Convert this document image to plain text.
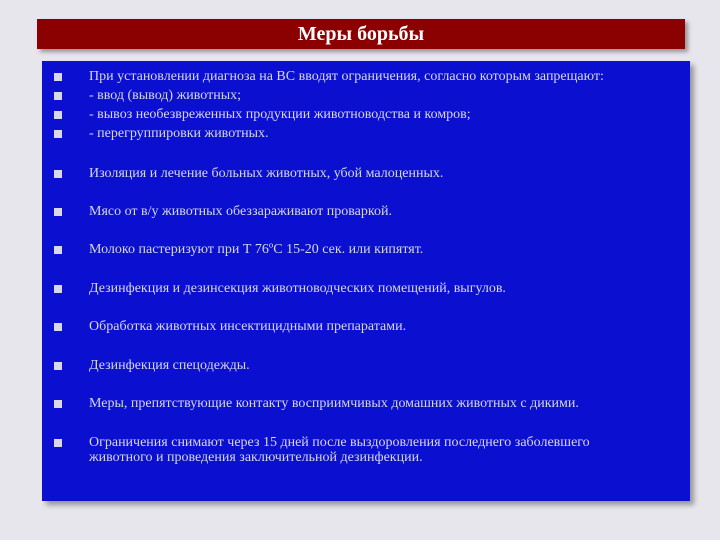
Меры борьбы
При установлении диагноза на ВС вводят ограничения, согласно которым запрещают:
- ввод (вывод) животных;
- вывоз необезвреженных продукции животноводства и комров;
- перегруппировки животных.
Изоляция и лечение больных животных, убой малоценных.
Мясо от в/у животных обеззараживают проваркой.
Молоко пастеризуют при Т 76ºС 15-20 сек. или кипятят.
Дезинфекция и дезинсекция животноводческих помещений, выгулов.
Обработка животных инсектицидными препаратами.
Дезинфекция спецодежды.
Меры, препятствующие контакту восприимчивых домашних животных с дикими.
Ограничения снимают через 15 дней после выздоровления последнего заболевшего
животного и проведения заключительной дезинфекции.
